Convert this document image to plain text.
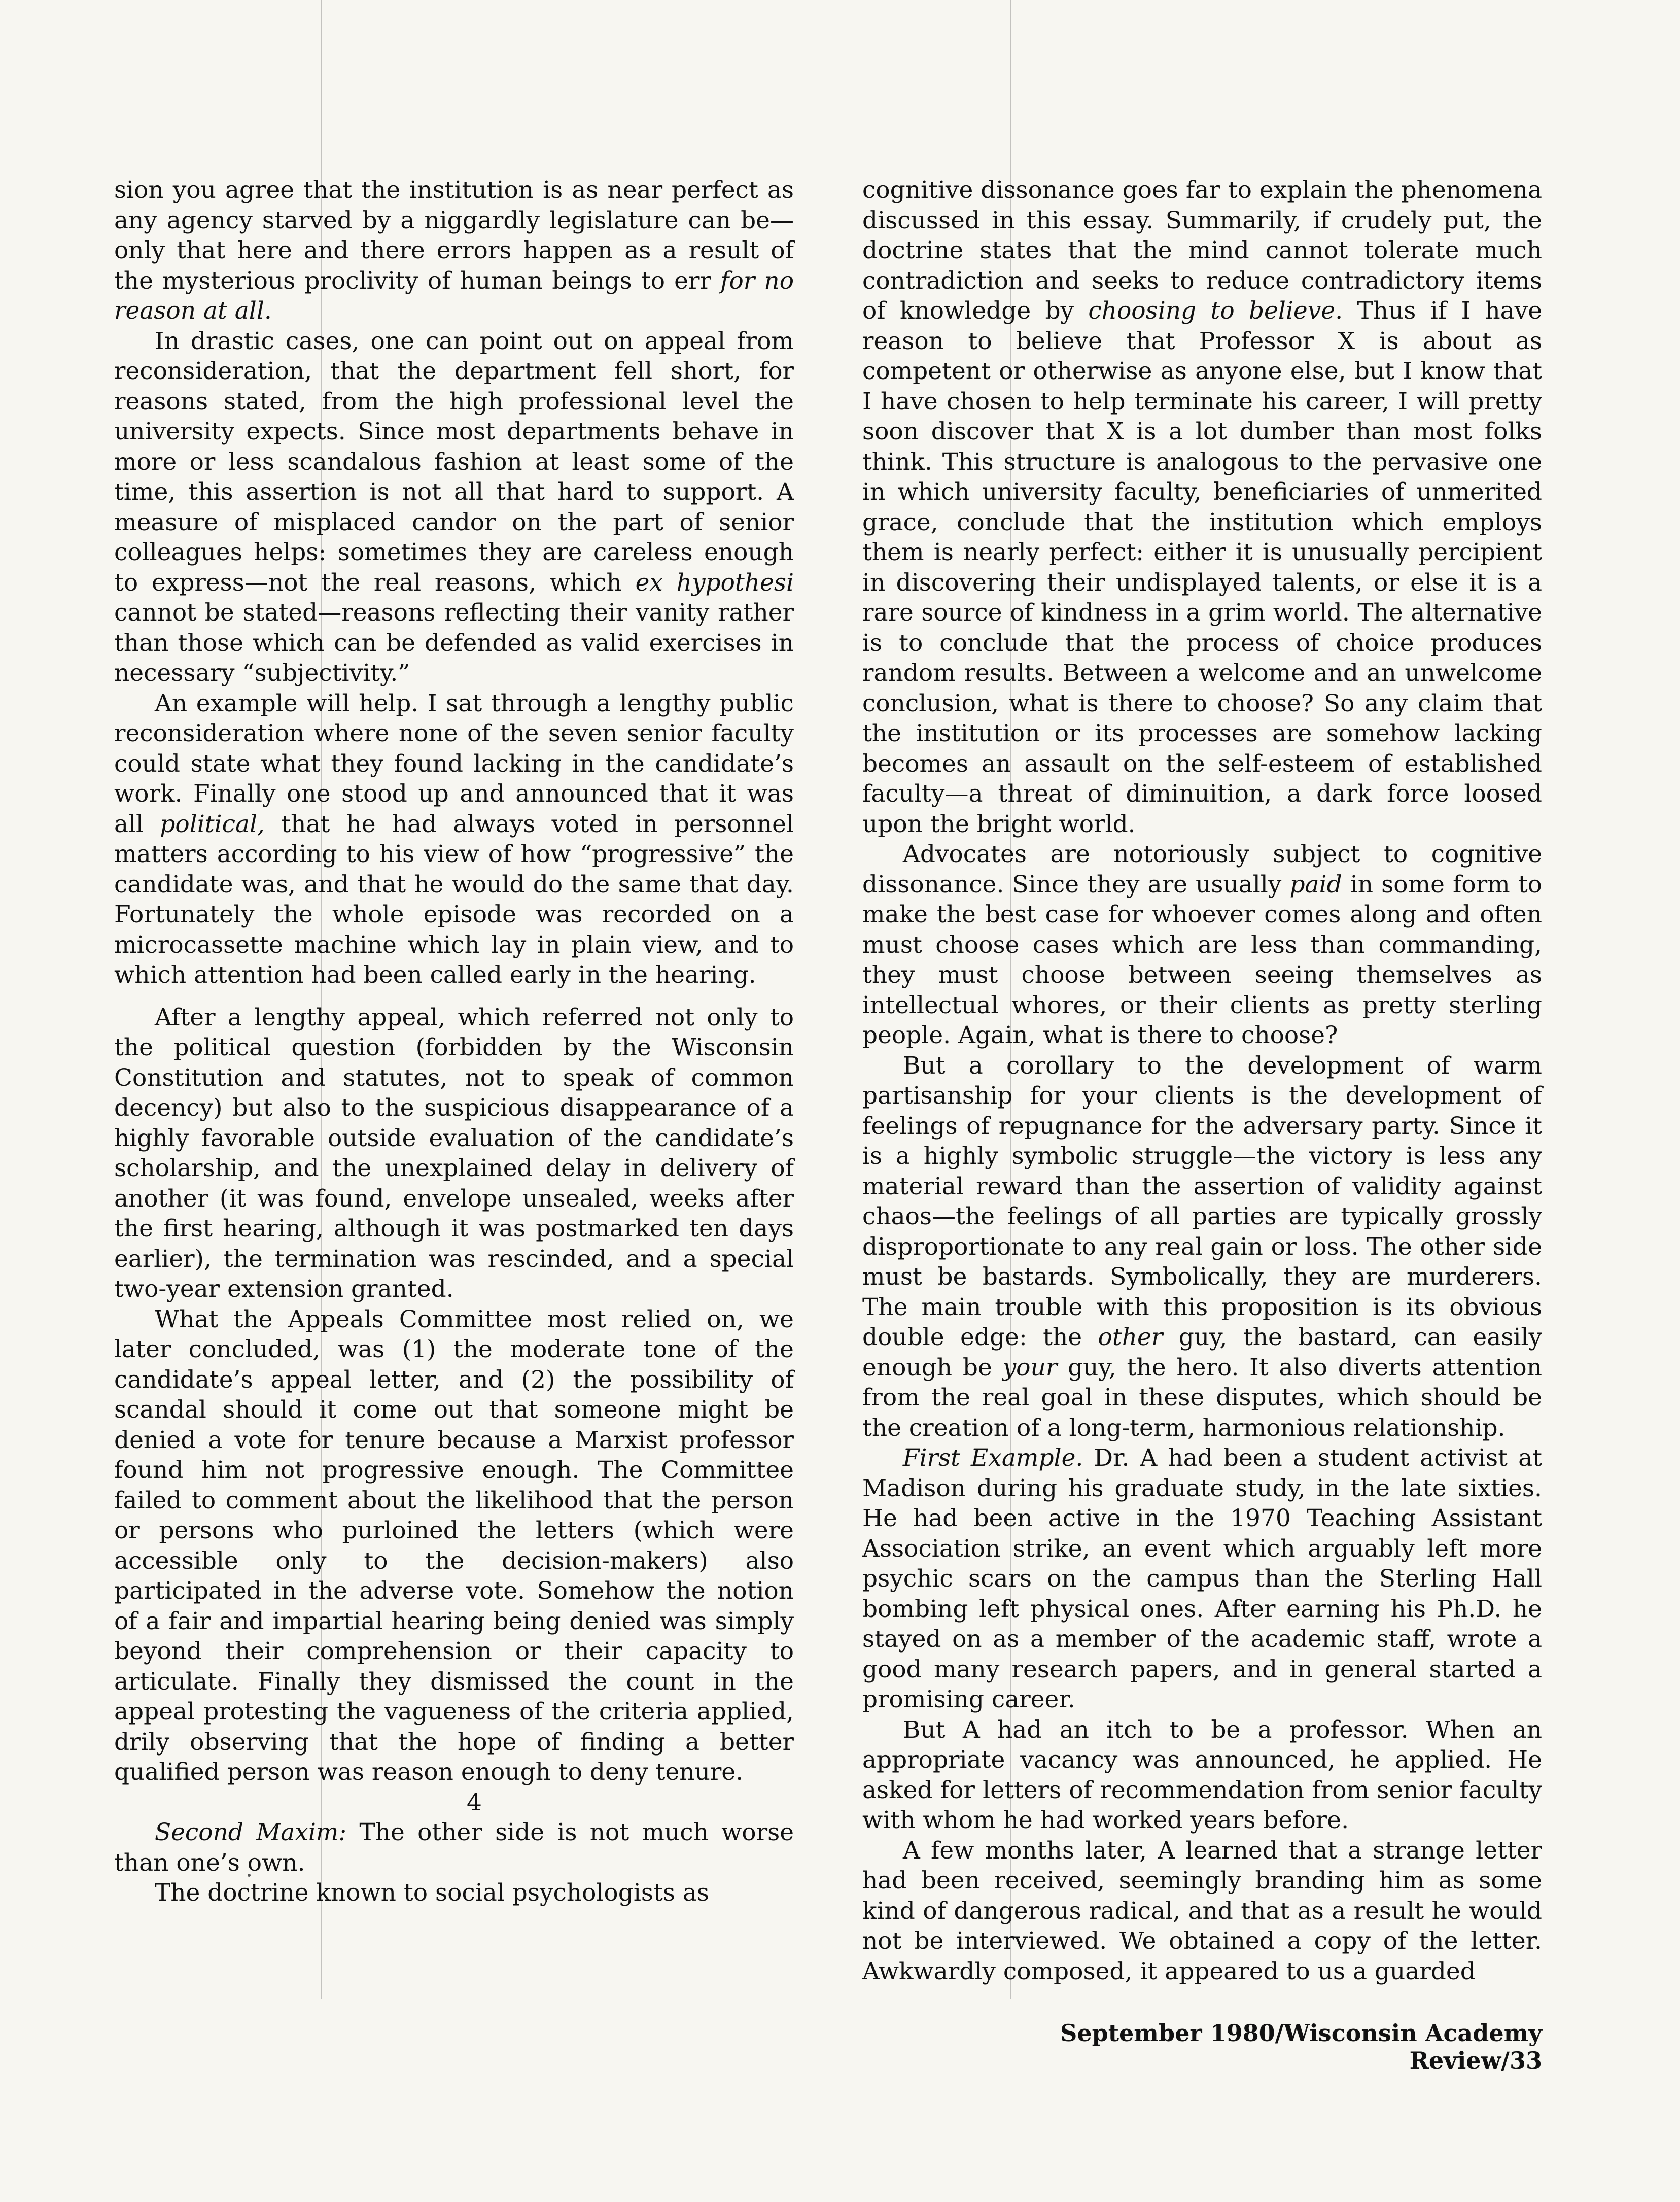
sion you agree that the institution is as near perfect as any agency starved by a niggardly legislature can be—only that here and there errors happen as a result of the mysterious proclivity of human beings to err for no reason at all.

In drastic cases, one can point out on appeal from reconsideration, that the department fell short, for reasons stated, from the high professional level the university expects. Since most departments behave in more or less scandalous fashion at least some of the time, this assertion is not all that hard to support. A measure of misplaced candor on the part of senior colleagues helps: sometimes they are careless enough to express—not the real reasons, which ex hypothesi cannot be stated—reasons reflecting their vanity rather than those which can be defended as valid exercises in necessary “subjectivity.”

An example will help. I sat through a lengthy public reconsideration where none of the seven senior faculty could state what they found lacking in the candidate’s work. Finally one stood up and announced that it was all political, that he had always voted in personnel matters according to his view of how “progressive” the candidate was, and that he would do the same that day. Fortunately the whole episode was recorded on a microcassette machine which lay in plain view, and to which attention had been called early in the hearing.

After a lengthy appeal, which referred not only to the political question (forbidden by the Wisconsin Constitution and statutes, not to speak of common decency) but also to the suspicious disappearance of a highly favorable outside evaluation of the candidate’s scholarship, and the unexplained delay in delivery of another (it was found, envelope unsealed, weeks after the first hearing, although it was postmarked ten days earlier), the termination was rescinded, and a special two-year extension granted.

What the Appeals Committee most relied on, we later concluded, was (1) the moderate tone of the candidate’s appeal letter, and (2) the possibility of scandal should it come out that someone might be denied a vote for tenure because a Marxist professor found him not progressive enough. The Committee failed to comment about the likelihood that the person or persons who purloined the letters (which were accessible only to the decision-makers) also participated in the adverse vote. Somehow the notion of a fair and impartial hearing being denied was simply beyond their comprehension or their capacity to articulate. Finally they dismissed the count in the appeal protesting the vagueness of the criteria applied, drily observing that the hope of finding a better qualified person was reason enough to deny tenure.

4

Second Maxim: The other side is not much worse than one’s own.

The doctrine known to social psychologists as

cognitive dissonance goes far to explain the phenomena discussed in this essay. Summarily, if crudely put, the doctrine states that the mind cannot tolerate much contradiction and seeks to reduce contradictory items of knowledge by choosing to believe. Thus if I have reason to believe that Professor X is about as competent or otherwise as anyone else, but I know that I have chosen to help terminate his career, I will pretty soon discover that X is a lot dumber than most folks think. This structure is analogous to the pervasive one in which university faculty, beneficiaries of unmerited grace, conclude that the institution which employs them is nearly perfect: either it is unusually percipient in discovering their undisplayed talents, or else it is a rare source of kindness in a grim world. The alternative is to conclude that the process of choice produces random results. Between a welcome and an unwelcome conclusion, what is there to choose? So any claim that the institution or its processes are somehow lacking becomes an assault on the self-esteem of established faculty—a threat of diminuition, a dark force loosed upon the bright world.

Advocates are notoriously subject to cognitive dissonance. Since they are usually paid in some form to make the best case for whoever comes along and often must choose cases which are less than commanding, they must choose between seeing themselves as intellectual whores, or their clients as pretty sterling people. Again, what is there to choose?

But a corollary to the development of warm partisanship for your clients is the development of feelings of repugnance for the adversary party. Since it is a highly symbolic struggle—the victory is less any material reward than the assertion of validity against chaos—the feelings of all parties are typically grossly disproportionate to any real gain or loss. The other side must be bastards. Symbolically, they are murderers. The main trouble with this proposition is its obvious double edge: the other guy, the bastard, can easily enough be your guy, the hero. It also diverts attention from the real goal in these disputes, which should be the creation of a long-term, harmonious relationship.

First Example. Dr. A had been a student activist at Madison during his graduate study, in the late sixties. He had been active in the 1970 Teaching Assistant Association strike, an event which arguably left more psychic scars on the campus than the Sterling Hall bombing left physical ones. After earning his Ph.D. he stayed on as a member of the academic staff, wrote a good many research papers, and in general started a promising career.

But A had an itch to be a professor. When an appropriate vacancy was announced, he applied. He asked for letters of recommendation from senior faculty with whom he had worked years before.

A few months later, A learned that a strange letter had been received, seemingly branding him as some kind of dangerous radical, and that as a result he would not be interviewed. We obtained a copy of the letter. Awkwardly composed, it appeared to us a guarded

September 1980/Wisconsin Academy Review/33
